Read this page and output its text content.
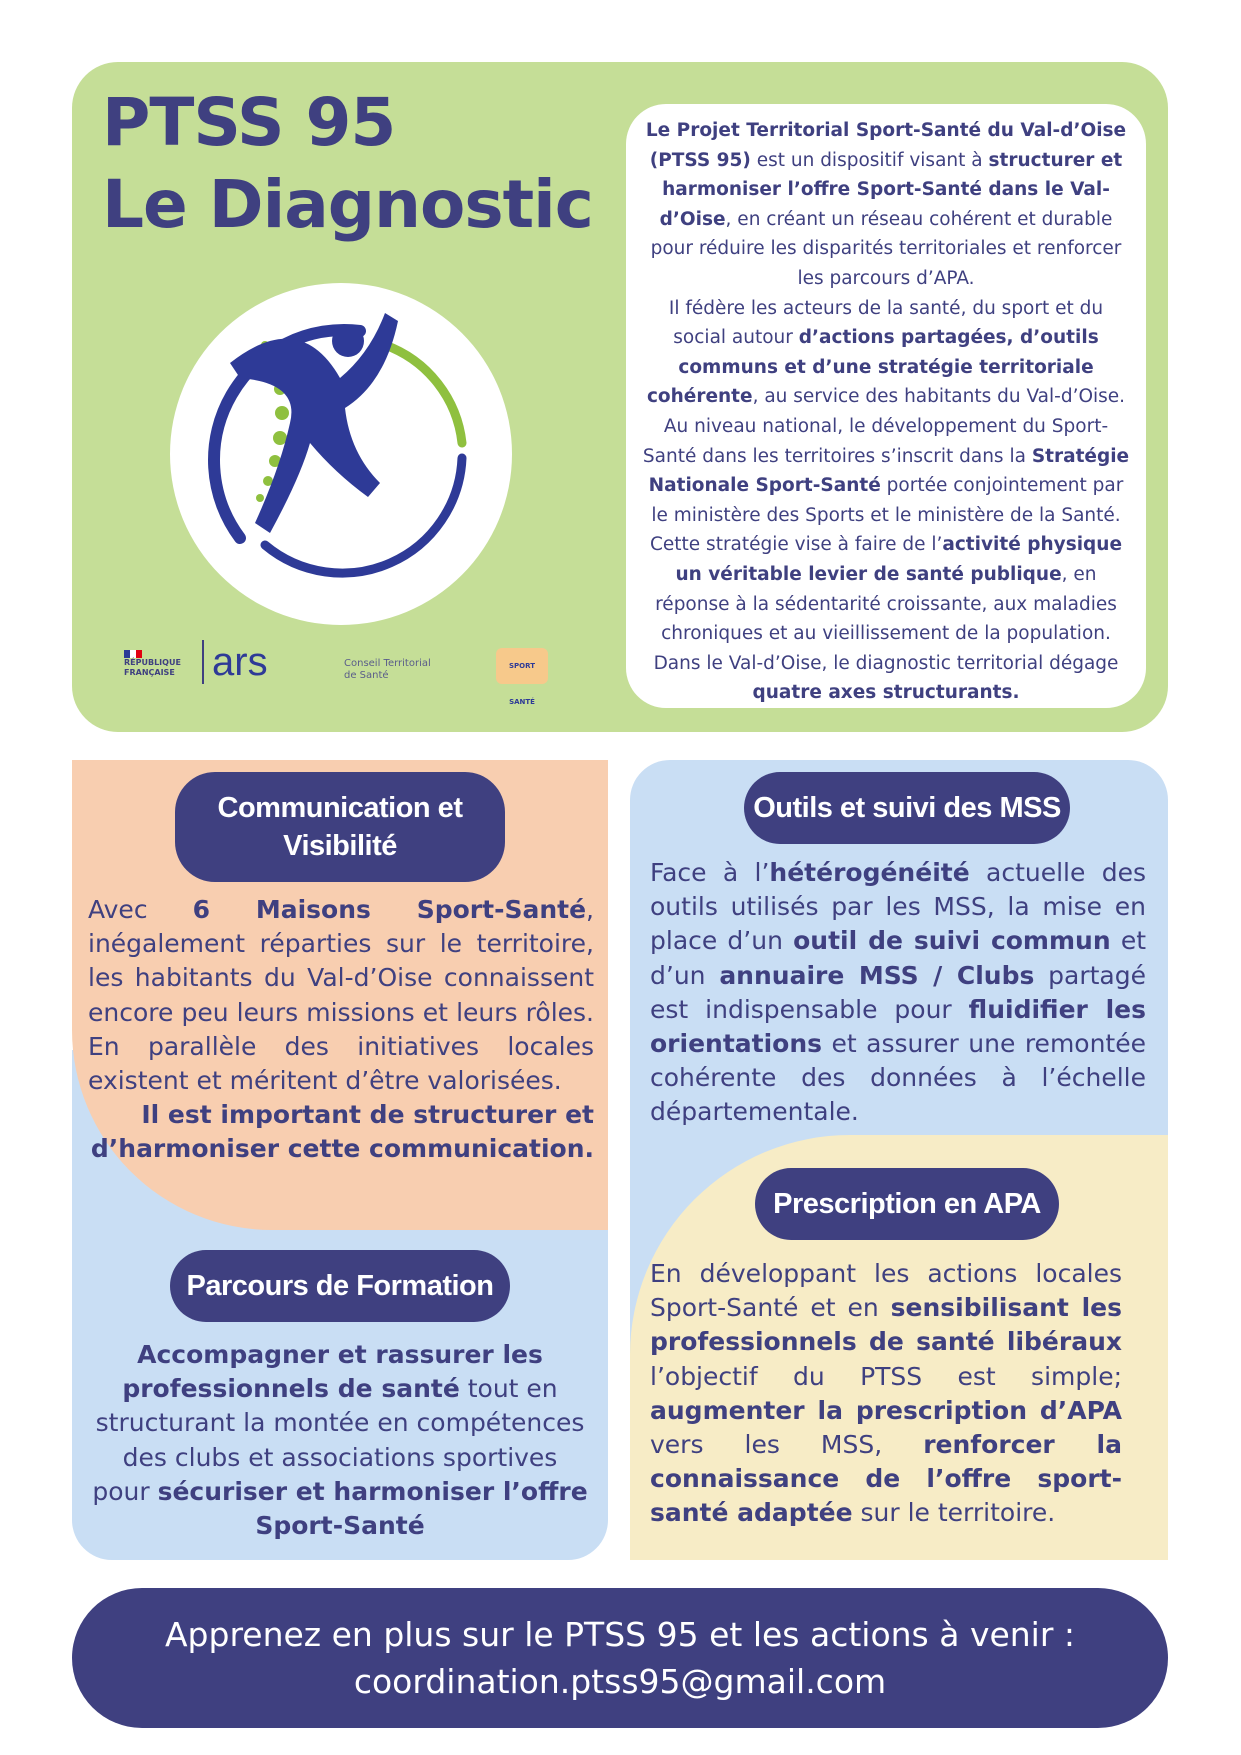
PTSS 95
Le Diagnostic
RÉPUBLIQUE
FRANÇAISE ars	Conseil Territorial
de Santé
SPORT SANTÉ
Le Projet Territorial Sport-Santé du Val-d’Oise (PTSS 95) est un dispositif visant à structurer et harmoniser l’offre Sport-Santé dans le Val-d’Oise, en créant un réseau cohérent et durable pour réduire les disparités territoriales et renforcer les parcours d’APA.
Il fédère les acteurs de la santé, du sport et du social autour d’actions partagées, d’outils communs et d’une stratégie territoriale cohérente, au service des habitants du Val-d’Oise.
Au niveau national, le développement du Sport-Santé dans les territoires s’inscrit dans la Stratégie Nationale Sport-Santé portée conjointement par le ministère des Sports et le ministère de la Santé.
Cette stratégie vise à faire de l’activité physique un véritable levier de santé publique, en réponse à la sédentarité croissante, aux maladies chroniques et au vieillissement de la population.
Dans le Val-d’Oise, le diagnostic territorial dégage quatre axes structurants.
Communication et Visibilité
Avec 6 Maisons Sport-Santé, inégalement réparties sur le territoire, les habitants du Val-d’Oise connaissent encore peu leurs missions et leurs rôles. En parallèle des initiatives locales existent et méritent d’être valorisées.
Il est important de structurer et d’harmoniser cette communication.
Outils et suivi des MSS
Face à l’hétérogénéité actuelle des outils utilisés par les MSS, la mise en place d’un outil de suivi commun et d’un annuaire MSS / Clubs partagé est indispensable pour fluidifier les orientations et assurer une remontée cohérente des données à l’échelle départementale.
Parcours de Formation
Accompagner et rassurer les professionnels de santé tout en structurant la montée en compétences des clubs et associations sportives pour sécuriser et harmoniser l’offre Sport-Santé
Prescription en APA
En développant les actions locales Sport-Santé et en sensibilisant les professionnels de santé libéraux l’objectif du PTSS est simple; augmenter la prescription d’APA vers les MSS, renforcer la connaissance de l’offre sport-santé adaptée sur le territoire.
Apprenez en plus sur le PTSS 95 et les actions à venir :
coordination.ptss95@gmail.com
